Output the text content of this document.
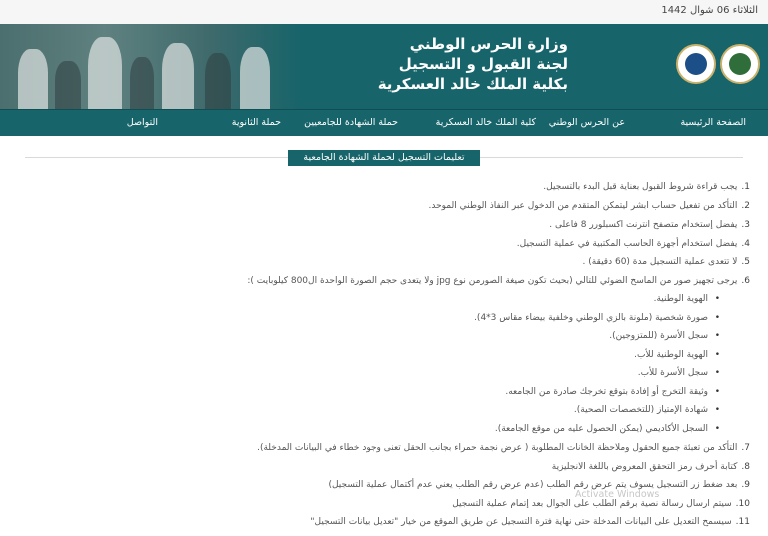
الثلاثاء 06 شوال 1442
وزارة الحرس الوطني
لجنة القبول و التسجيل
بكلية الملك خالد العسكرية
الصفحة الرئيسية
عن الحرس الوطني
كلية الملك خالد العسكرية
حملة الشهادة للجامعيين
حملة الثانوية
التواصل
تعليمات التسجيل لحملة الشهادة الجامعية
1.يجب قراءة شروط القبول بعناية قبل البدء بالتسجيل.
2.التأكد من تفعيل حساب ابشر ليتمكن المتقدم من الدخول عبر النفاذ الوطني الموحد.
3.يفضل إستخدام متصفح انترنت اكسبلورر 8 فاعلى .
4.يفضل استخدام أجهزة الحاسب المكتبية في عملية التسجيل.
5.لا تتعدى عملية التسجيل مدة (60 دقيقة) .
6.يرجى تجهيز صور من الماسح الضوئي للتالي (بحيث تكون صيغة الصورمن نوع jpg ولا يتعدى حجم الصورة الواحدة ال800 كيلوبايت ):
• الهوية الوطنية.
• صورة شخصية (ملونة بالزي الوطني وخلفية بيضاء مقاس 3*4).
• سجل الأسرة (للمتزوجين).
• الهوية الوطنية للأب.
• سجل الأسرة للأب.
• وثيقة التخرج أو إفادة بتوقع تخرجك صادرة من الجامعه.
• شهادة الإمتياز (للتخصصات الصحية).
• السجل الأكاديمي (يمكن الحصول عليه من موقع الجامعة).
7.التأكد من تعبئة جميع الحقول وملاحظة الخانات المطلوبة ( عرض نجمة حمراء بجانب الحقل تعنى وجود خطاء في البيانات المدخلة).
8.كتابة أحرف رمز التحقق المعروض باللغة الانجليزية
9.بعد ضغط زر التسجيل يسوف يتم عرض رقم الطلب (عدم عرض رقم الطلب يعني عدم أكتمال عملية التسجيل)
10.سيتم ارسال رسالة نصية برقم الطلب على الجوال بعد إتمام عملية التسجيل
11.سيسمح التعديل على البيانات المدخلة حتى نهاية فترة التسجيل عن طريق الموقع من خيار "تعديل بيانات التسجيل"
Activate Windows
